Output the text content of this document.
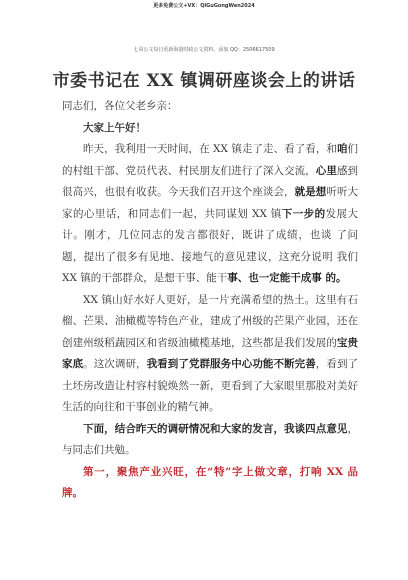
更多免费公文+VX：QiGuGongWen2024
七哥公文每日更新海量时政公文资料，添加 QQ：2506617509
市委书记在 XX 镇调研座谈会上的讲话

同志们，各位父老乡亲：

大家上午好！

昨天，我利用一天时间，在 XX 镇走了走、看了看，和咱们的村组干部、党员代表、村民朋友们进行了深入交流，心里感到很高兴，也很有收获。今天我们召开这个座谈会，就是想听听大家的心里话，和同志们一起，共同谋划 XX 镇下一步的发展大计。刚才，几位同志的发言都很好，既讲了成绩，也谈 了问题，提出了很多有见地、接地气的意见建议，这充分说明 我们 XX 镇的干部群众，是想干事、能干事、也一定能干成事 的。

XX 镇山好水好人更好，是一片充满希望的热土。这里有石榴、芒果、油橄榄等特色产业，建成了州级的芒果产业园，还在创建州级稻蔬园区和省级油橄榄基地，这些都是我们发展的宝贵家底。这次调研，我看到了党群服务中心功能不断完善，看到了土坯房改造让村容村貌焕然一新，更看到了大家眼里那股对美好生活的向往和干事创业的精气神。

下面，结合昨天的调研情况和大家的发言，我谈四点意见，与同志们共勉。

第一，聚焦产业兴旺，在“特”字上做文章，打响 XX 品 牌。
